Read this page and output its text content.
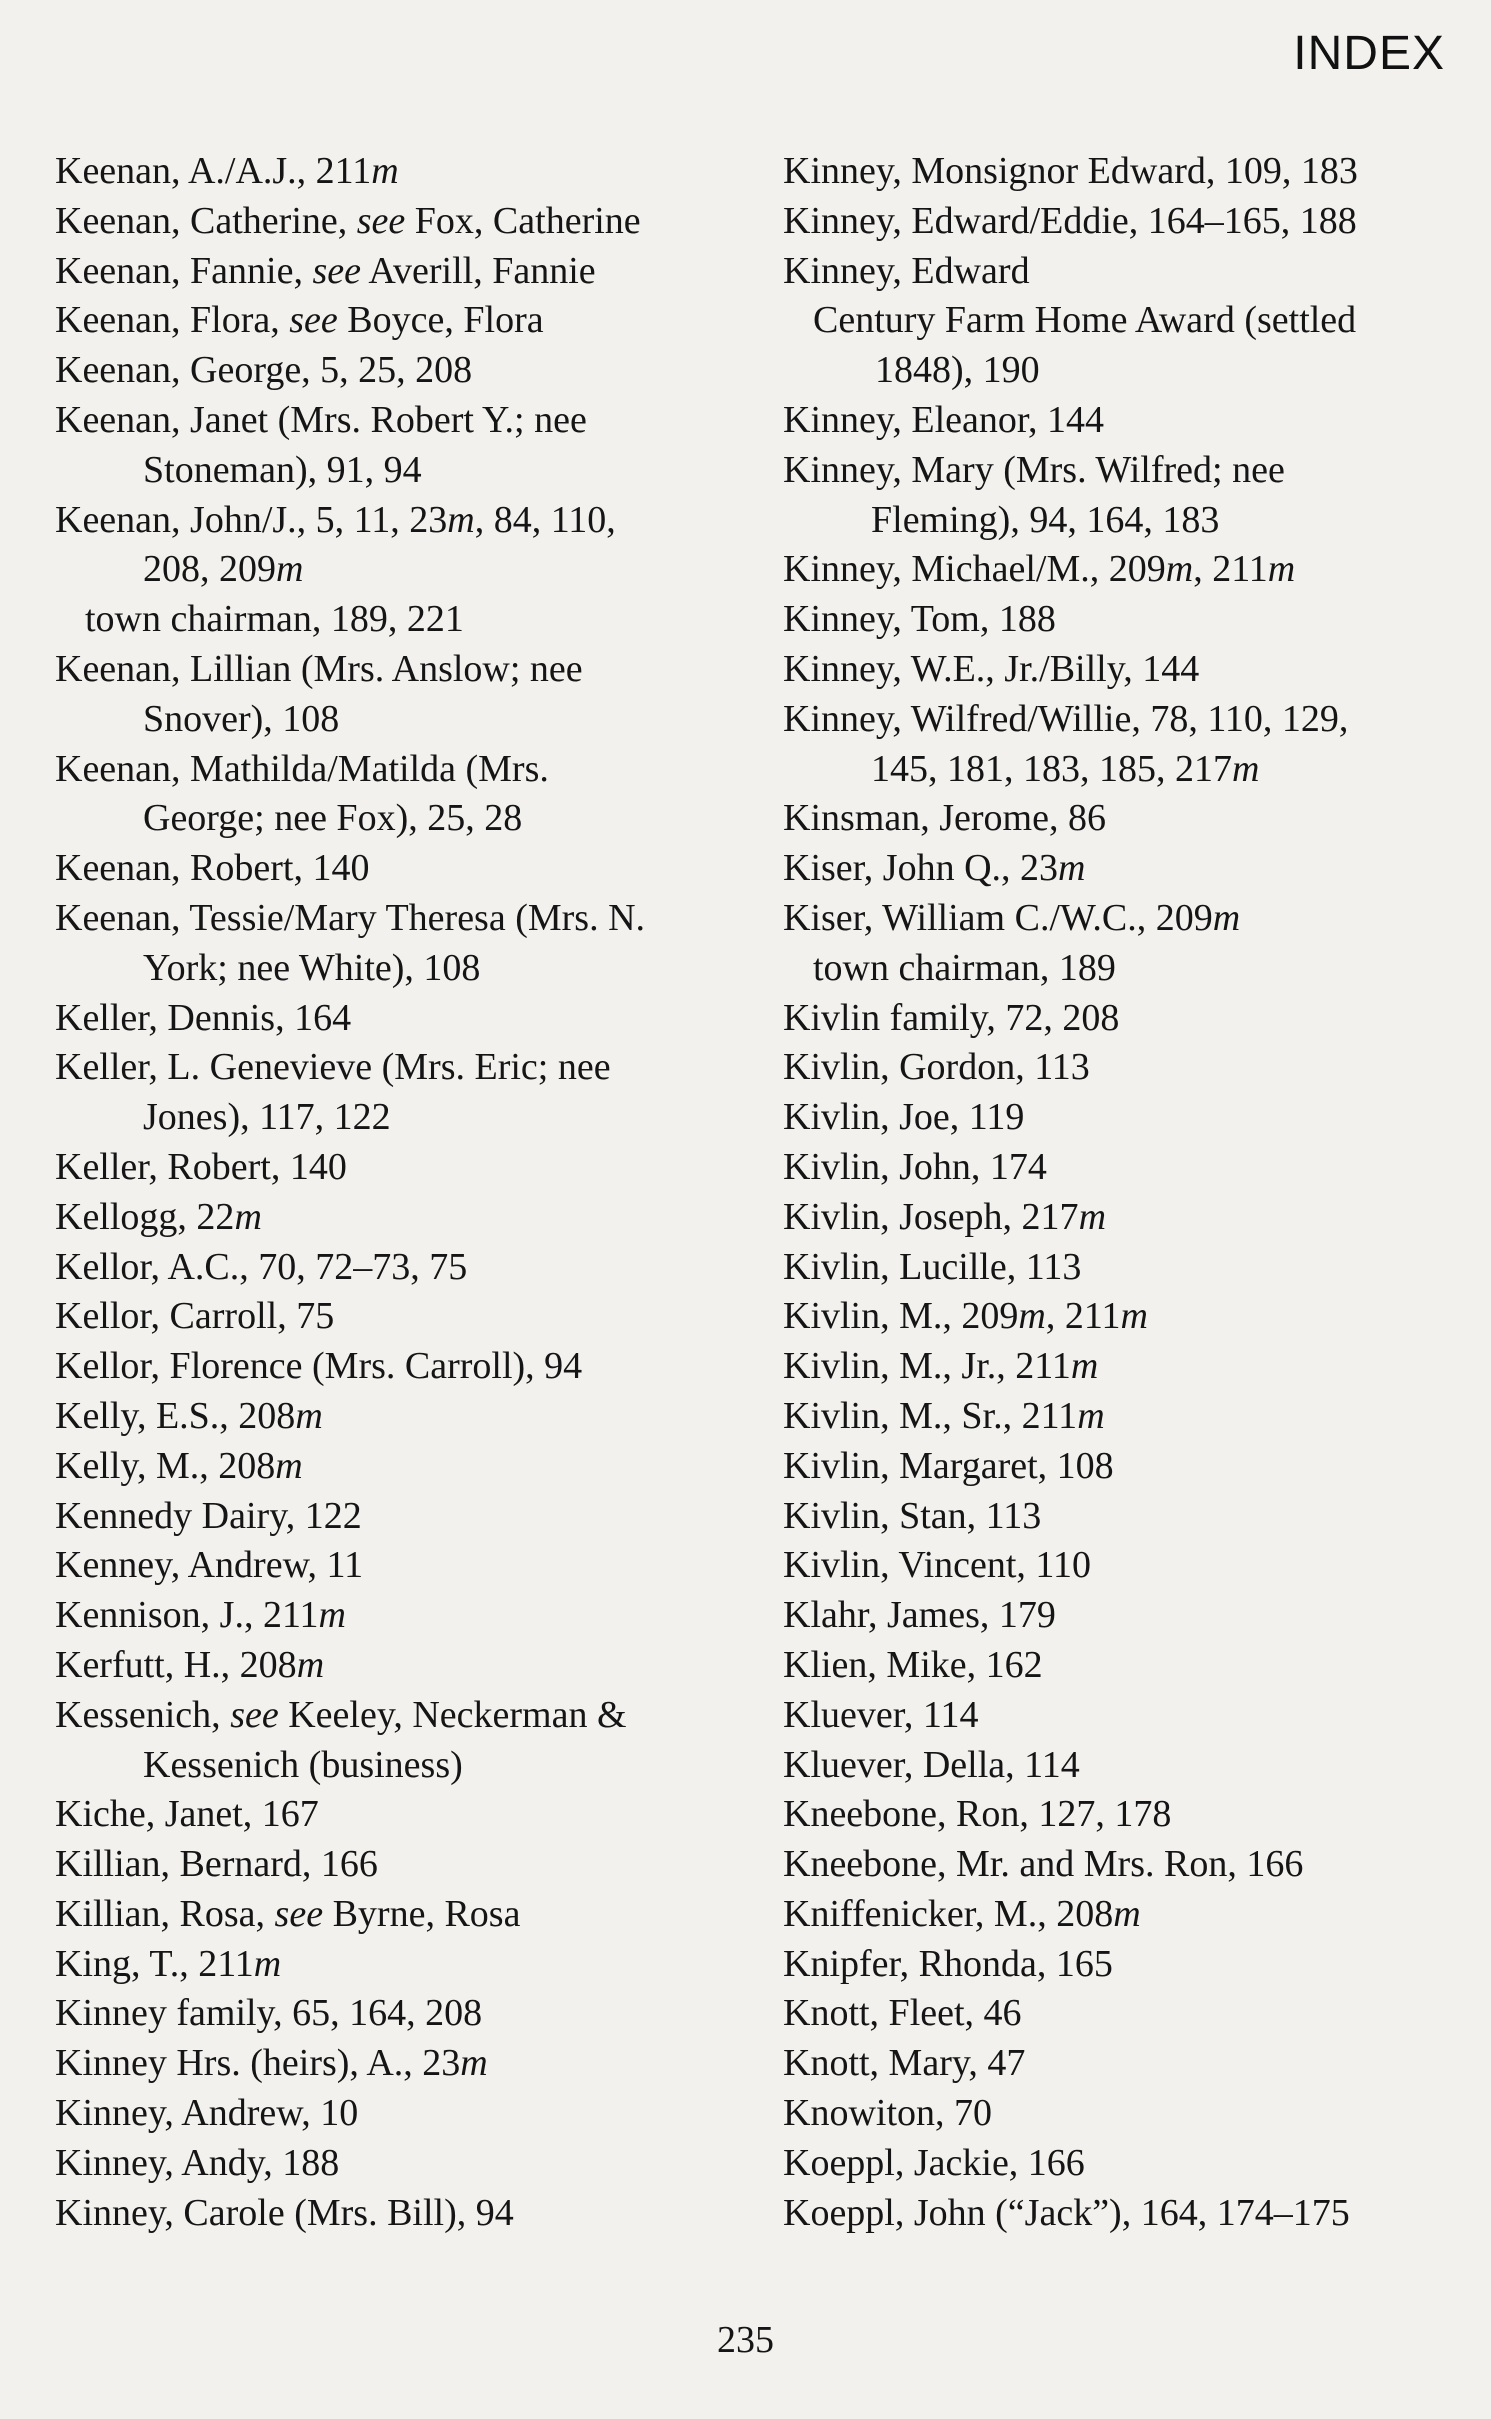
INDEX
Keenan, A./A.J., 211m
Keenan, Catherine, see Fox, Catherine
Keenan, Fannie, see Averill, Fannie
Keenan, Flora, see Boyce, Flora
Keenan, George, 5, 25, 208
Keenan, Janet (Mrs. Robert Y.; nee
Stoneman), 91, 94
Keenan, John/J., 5, 11, 23m, 84, 110,
208, 209m
town chairman, 189, 221
Keenan, Lillian (Mrs. Anslow; nee
Snover), 108
Keenan, Mathilda/Matilda (Mrs.
George; nee Fox), 25, 28
Keenan, Robert, 140
Keenan, Tessie/Mary Theresa (Mrs. N.
York; nee White), 108
Keller, Dennis, 164
Keller, L. Genevieve (Mrs. Eric; nee
Jones), 117, 122
Keller, Robert, 140
Kellogg, 22m
Kellor, A.C., 70, 72–73, 75
Kellor, Carroll, 75
Kellor, Florence (Mrs. Carroll), 94
Kelly, E.S., 208m
Kelly, M., 208m
Kennedy Dairy, 122
Kenney, Andrew, 11
Kennison, J., 211m
Kerfutt, H., 208m
Kessenich, see Keeley, Neckerman &
Kessenich (business)
Kiche, Janet, 167
Killian, Bernard, 166
Killian, Rosa, see Byrne, Rosa
King, T., 211m
Kinney family, 65, 164, 208
Kinney Hrs. (heirs), A., 23m
Kinney, Andrew, 10
Kinney, Andy, 188
Kinney, Carole (Mrs. Bill), 94
Kinney, Monsignor Edward, 109, 183
Kinney, Edward/Eddie, 164–165, 188
Kinney, Edward
Century Farm Home Award (settled
1848), 190
Kinney, Eleanor, 144
Kinney, Mary (Mrs. Wilfred; nee
Fleming), 94, 164, 183
Kinney, Michael/M., 209m, 211m
Kinney, Tom, 188
Kinney, W.E., Jr./Billy, 144
Kinney, Wilfred/Willie, 78, 110, 129,
145, 181, 183, 185, 217m
Kinsman, Jerome, 86
Kiser, John Q., 23m
Kiser, William C./W.C., 209m
town chairman, 189
Kivlin family, 72, 208
Kivlin, Gordon, 113
Kivlin, Joe, 119
Kivlin, John, 174
Kivlin, Joseph, 217m
Kivlin, Lucille, 113
Kivlin, M., 209m, 211m
Kivlin, M., Jr., 211m
Kivlin, M., Sr., 211m
Kivlin, Margaret, 108
Kivlin, Stan, 113
Kivlin, Vincent, 110
Klahr, James, 179
Klien, Mike, 162
Kluever, 114
Kluever, Della, 114
Kneebone, Ron, 127, 178
Kneebone, Mr. and Mrs. Ron, 166
Kniffenicker, M., 208m
Knipfer, Rhonda, 165
Knott, Fleet, 46
Knott, Mary, 47
Knowiton, 70
Koeppl, Jackie, 166
Koeppl, John (“Jack”), 164, 174–175
235
